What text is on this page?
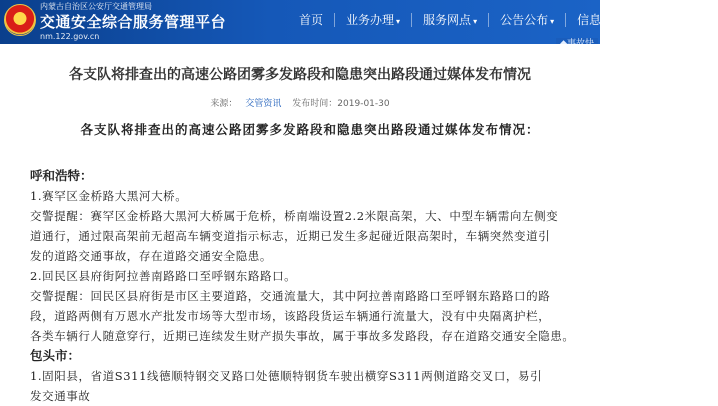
内蒙古自治区公安厅交通管理局
交通安全综合服务管理平台
nm.122.gov.cn
首页	业务办理 ▾	服务网点 ▾	公告公布 ▾	信息查询 ▾	APP下载 ▾
各支队将排查出的高速公路团雾多发路段和隐患突出路段通过媒体发布情况
来源： 交管资讯 发布时间：2019-01-30
各支队将排查出的高速公路团雾多发路段和隐患突出路段通过媒体发布情况：
呼和浩特：
1.赛罕区金桥路大黑河大桥。
交警提醒：赛罕区金桥路大黑河大桥属于危桥，桥南端设置2.2米限高架，大、中型车辆需向左侧变
道通行，通过限高架前无超高车辆变道指示标志，近期已发生多起碰近限高架时，车辆突然变道引
发的道路交通事故，存在道路交通安全隐患。
2.回民区县府街阿拉善南路路口至呼钢东路路口。
交警提醒：回民区县府街是市区主要道路，交通流量大，其中阿拉善南路路口至呼钢东路路口的路
段，道路两侧有万恩水产批发市场等大型市场，该路段货运车辆通行流量大，没有中央隔离护栏，
各类车辆行人随意穿行，近期已连续发生财产损失事故，属于事故多发路段，存在道路交通安全隐患。
包头市：
1.固阳县，省道S311线德顺特钢交叉路口处德顺特钢货车驶出横穿S311两侧道路交叉口，易引
发交通事故
